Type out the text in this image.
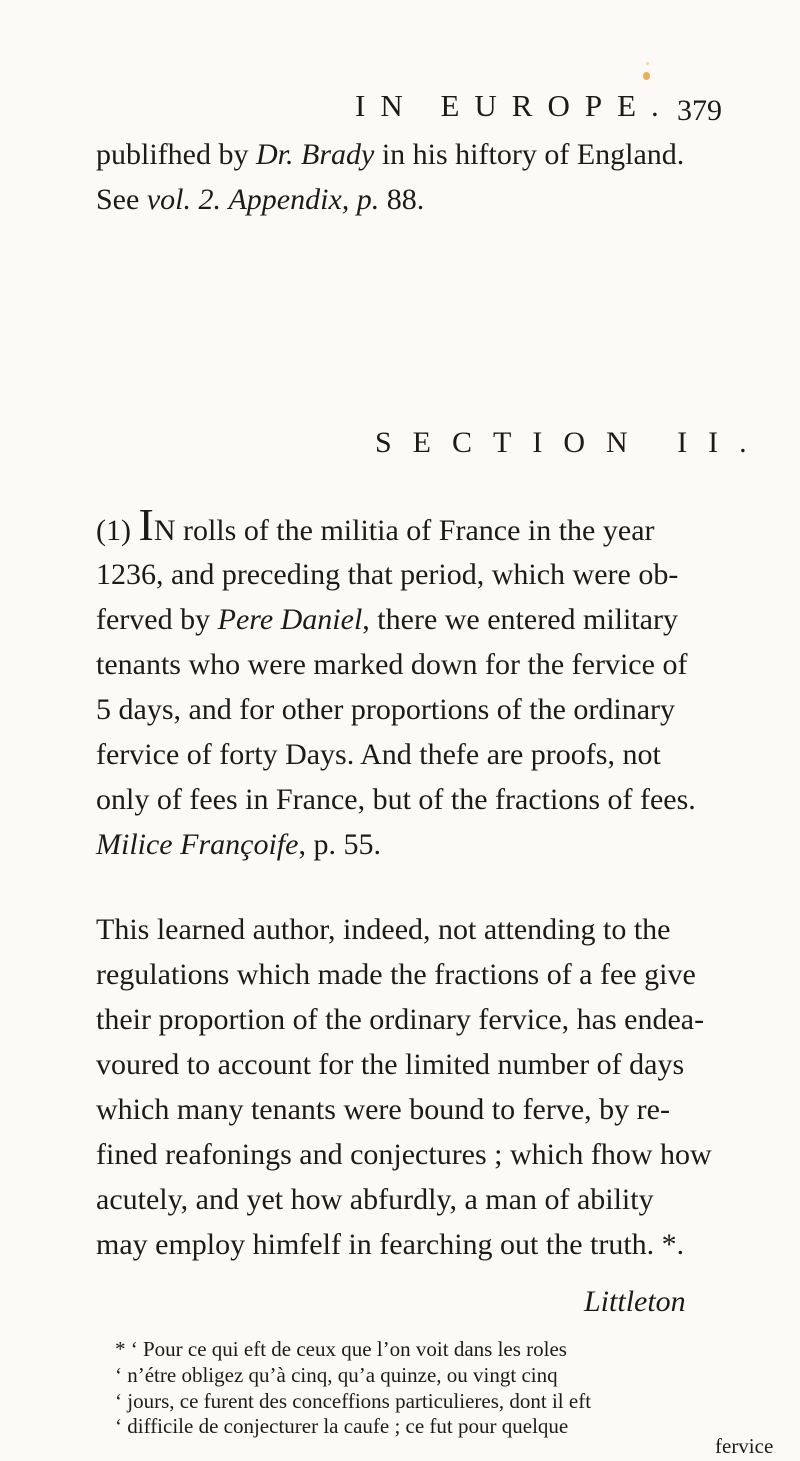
IN EUROPE. 379
publifhed by Dr. Brady in his hiftory of England.
See vol. 2. Appendix, p. 88.
SECTION II.
(1) IN rolls of the militia of France in the year
1236, and preceding that period, which were ob-
ferved by Pere Daniel, there we entered military
tenants who were marked down for the fervice of
5 days, and for other proportions of the ordinary
fervice of forty Days. And thefe are proofs, not
only of fees in France, but of the fractions of fees.
Milice Françoife, p. 55.
This learned author, indeed, not attending to the
regulations which made the fractions of a fee give
their proportion of the ordinary fervice, has endea-
voured to account for the limited number of days
which many tenants were bound to ferve, by re-
fined reafonings and conjectures ; which fhow how
acutely, and yet how abfurdly, a man of ability
may employ himfelf in fearching out the truth. *.
Littleton
* ‘ Pour ce qui eft de ceux que l’on voit dans les roles
‘ n’étre obligez qu’à cinq, qu’a quinze, ou vingt cinq
‘ jours, ce furent des conceffions particulieres, dont il eft
‘ difficile de conjecturer la caufe ; ce fut pour quelque
fervice
